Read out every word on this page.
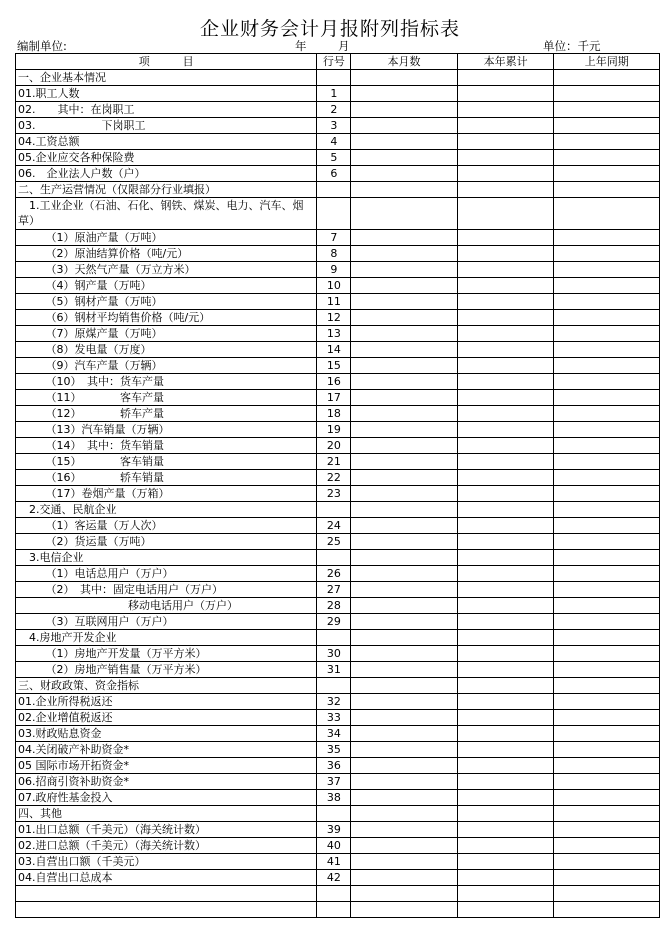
企业财务会计月报附列指标表
编制单位:	年	月	单位：千元
项　　　目	行号	本月数	本年累计	上年同期
一、企业基本情况				
01.职工人数	1			
02.　　其中：在岗职工	2			
03.　　　　　　下岗职工	3			
04.工资总额	4			
05.企业应交各种保险费	5			
06.　企业法人户数（户）	6			
二、生产运营情况（仅限部分行业填报）				
　1.工业企业（石油、石化、钢铁、煤炭、电力、汽车、烟草）				
　　　（1）原油产量（万吨）	7			
　　　（2）原油结算价格（吨/元）	8			
　　　（3）天然气产量（万立方米）	9			
　　　（4）钢产量（万吨）	10			
　　　（5）钢材产量（万吨）	11			
　　　（6）钢材平均销售价格（吨/元）	12			
　　　（7）原煤产量（万吨）	13			
　　　（8）发电量（万度）	14			
　　　（9）汽车产量（万辆）	15			
　　　（10）　其中：货车产量	16			
　　　（11）　　　　客车产量	17			
　　　（12）　　　　轿车产量	18			
　　　（13）汽车销量（万辆）	19			
　　　（14）　其中：货车销量	20			
　　　（15）　　　　客车销量	21			
　　　（16）　　　　轿车销量	22			
　　　（17）卷烟产量（万箱）	23			
　2.交通、民航企业				
　　　（1）客运量（万人次）	24			
　　　（2）货运量（万吨）	25			
　3.电信企业				
　　　（1）电话总用户（万户）	26			
　　　（2）　其中：固定电话用户（万户）	27			
　　　　　　　　　　移动电话用户（万户）	28			
　　　（3）互联网用户（万户）	29			
　4.房地产开发企业				
　　　（1）房地产开发量（万平方米）	30			
　　　（2）房地产销售量（万平方米）	31			
三、财政政策、资金指标				
01.企业所得税返还	32			
02.企业增值税返还	33			
03.财政贴息资金	34			
04.关闭破产补助资金*	35			
05 国际市场开拓资金*	36			
06.招商引资补助资金*	37			
07.政府性基金投入	38			
四、其他				
01.出口总额（千美元）（海关统计数）	39			
02.进口总额（千美元）（海关统计数）	40			
03.自营出口额（千美元）	41			
04.自营出口总成本	42			
